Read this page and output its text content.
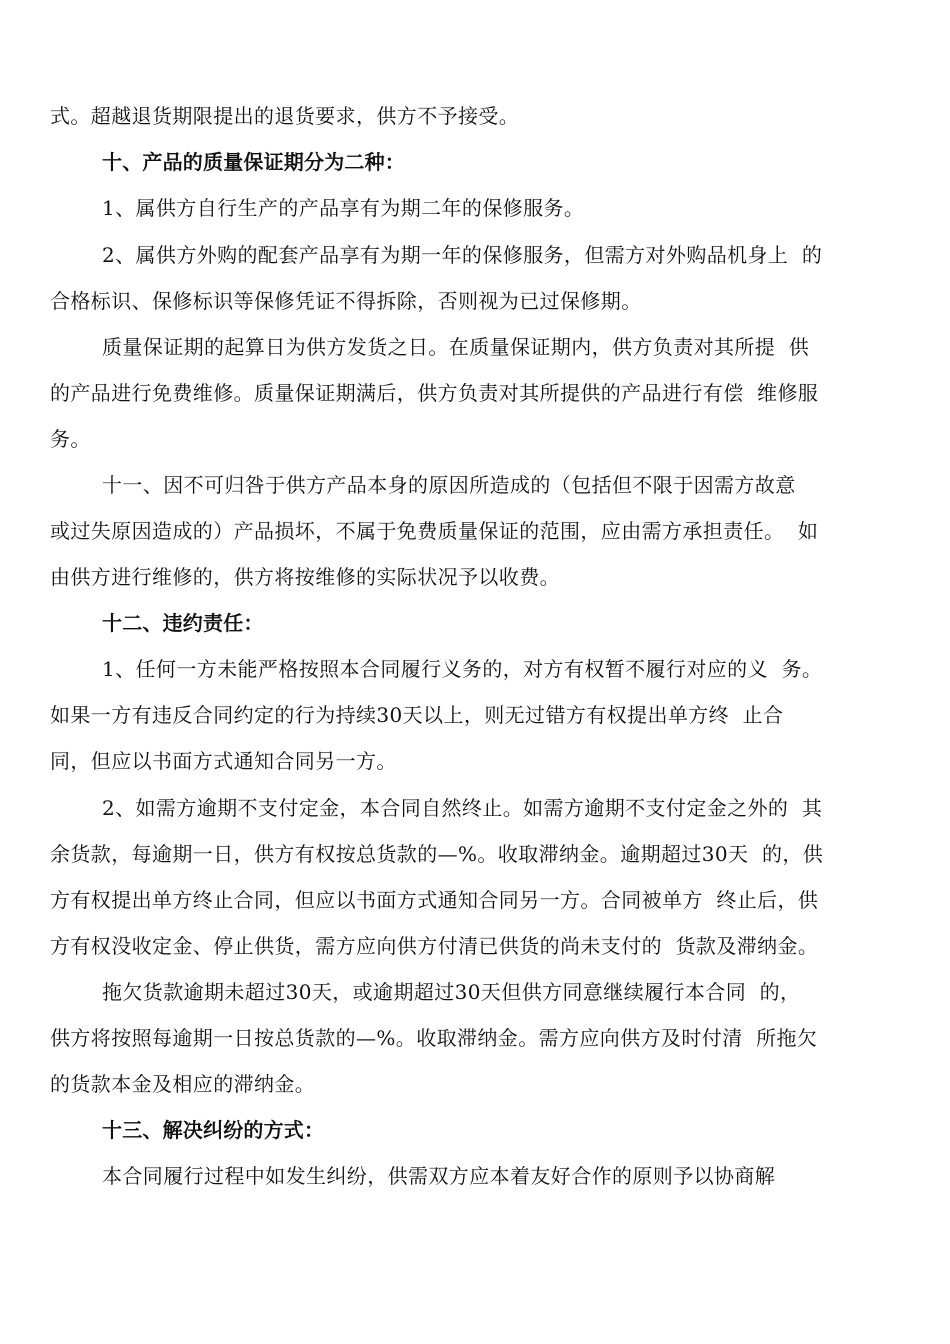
式。超越退货期限提出的退货要求，供方不予接受。
十、产品的质量保证期分为二种：
1、属供方自行生产的产品享有为期二年的保修服务。
2、属供方外购的配套产品享有为期一年的保修服务，但需方对外购品机身上  的
合格标识、保修标识等保修凭证不得拆除，否则视为已过保修期。
质量保证期的起算日为供方发货之日。在质量保证期内，供方负责对其所提  供
的产品进行免费维修。质量保证期满后，供方负责对其所提供的产品进行有偿  维修服
务。
十一、因不可归咎于供方产品本身的原因所造成的（包括但不限于因需方故意
或过失原因造成的）产品损坏，不属于免费质量保证的范围，应由需方承担责任。  如
由供方进行维修的，供方将按维修的实际状况予以收费。
十二、违约责任：
1、任何一方未能严格按照本合同履行义务的，对方有权暂不履行对应的义  务。
如果一方有违反合同约定的行为持续30天以上，则无过错方有权提出单方终  止合
同，但应以书面方式通知合同另一方。
2、如需方逾期不支付定金，本合同自然终止。如需方逾期不支付定金之外的  其
余货款，每逾期一日，供方有权按总货款的—%。收取滞纳金。逾期超过30天  的，供
方有权提出单方终止合同，但应以书面方式通知合同另一方。合同被单方  终止后，供
方有权没收定金、停止供货，需方应向供方付清已供货的尚未支付的  货款及滞纳金。
拖欠货款逾期未超过30天，或逾期超过30天但供方同意继续履行本合同  的，
供方将按照每逾期一日按总货款的—%。收取滞纳金。需方应向供方及时付清  所拖欠
的货款本金及相应的滞纳金。
十三、解决纠纷的方式：
本合同履行过程中如发生纠纷，供需双方应本着友好合作的原则予以协商解
